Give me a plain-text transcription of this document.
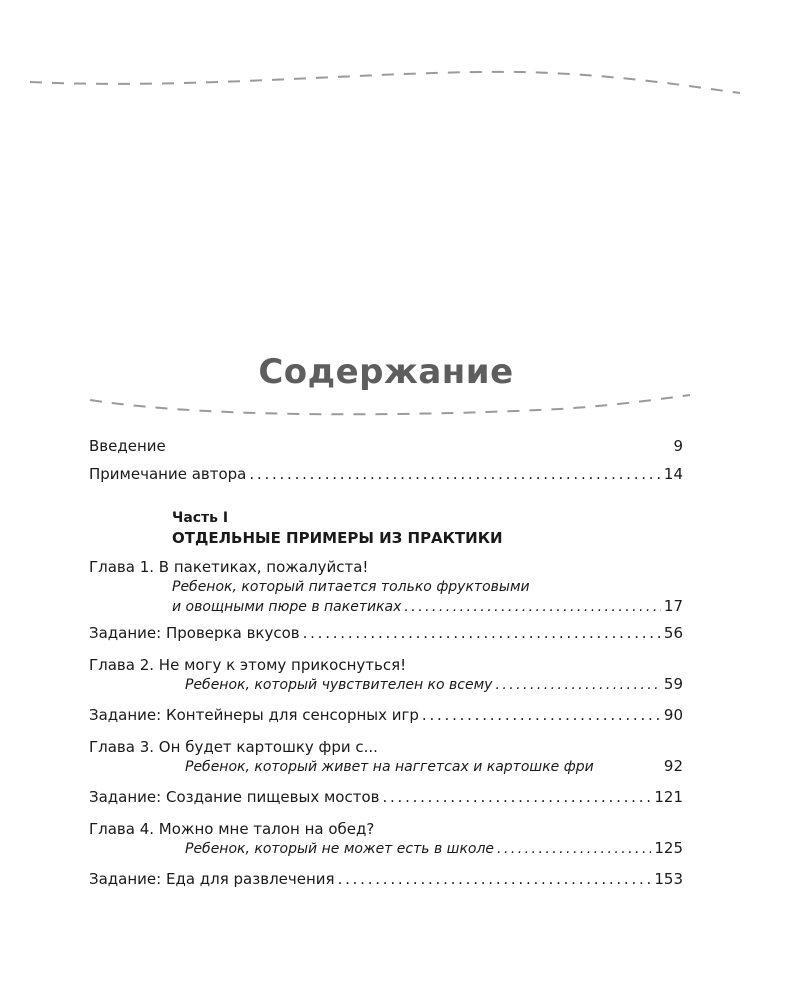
Содержание
Введение	9
Примечание автора . . .	14
Часть I
ОТДЕЛЬНЫЕ ПРИМЕРЫ ИЗ ПРАКТИКИ
Глава 1. В пакетиках, пожалуйста!
Ребенок, который питается только фруктовыми
и овощными пюре в пакетиках . . .	17
Задание: Проверка вкусов . . .	56
Глава 2. Не могу к этому прикоснуться!
Ребенок, который чувствителен ко всему . . .	59
Задание: Контейнеры для сенсорных игр . . .	90
Глава 3. Он будет картошку фри с...
Ребенок, который живет на наггетсах и картошке фри	92
Задание: Создание пищевых мостов . . .	121
Глава 4. Можно мне талон на обед?
Ребенок, который не может есть в школе . . .	125
Задание: Еда для развлечения . . .	153
